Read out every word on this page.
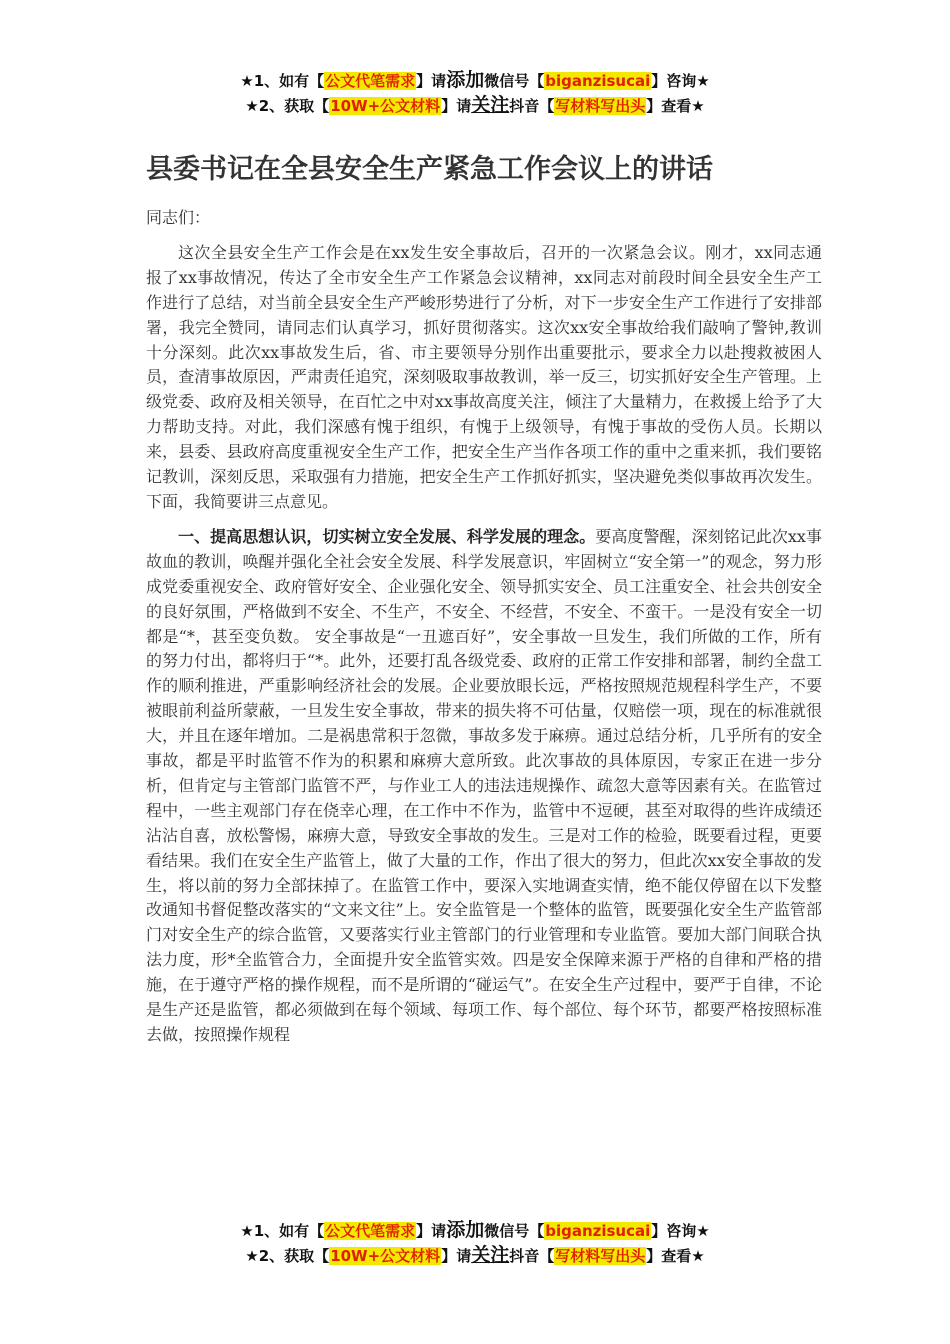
★1、如有【公文代笔需求】请添加微信号【biganzisucai】咨询★
★2、获取【10W+公文材料】请关注抖音【写材料写出头】查看★
县委书记在全县安全生产紧急工作会议上的讲话

同志们：

这次全县安全生产工作会是在xx发生安全事故后，召开的一次紧急会议。刚才，xx同志通报了xx事故情况，传达了全市安全生产工作紧急会议精神，xx同志对前段时间全县安全生产工作进行了总结，对当前全县安全生产严峻形势进行了分析，对下一步安全生产工作进行了安排部署，我完全赞同，请同志们认真学习，抓好贯彻落实。这次xx安全事故给我们敲响了警钟,教训十分深刻。此次xx事故发生后，省、市主要领导分别作出重要批示，要求全力以赴搜救被困人员，查清事故原因，严肃责任追究，深刻吸取事故教训，举一反三，切实抓好安全生产管理。上级党委、政府及相关领导，在百忙之中对xx事故高度关注，倾注了大量精力，在救援上给予了大力帮助支持。对此，我们深感有愧于组织，有愧于上级领导，有愧于事故的受伤人员。长期以来，县委、县政府高度重视安全生产工作，把安全生产当作各项工作的重中之重来抓，我们要铭记教训，深刻反思，采取强有力措施，把安全生产工作抓好抓实，坚决避免类似事故再次发生。下面，我简要讲三点意见。

一、提高思想认识，切实树立安全发展、科学发展的理念。要高度警醒，深刻铭记此次xx事故血的教训，唤醒并强化全社会安全发展、科学发展意识，牢固树立“安全第一”的观念，努力形成党委重视安全、政府管好安全、企业强化安全、领导抓实安全、员工注重安全、社会共创安全的良好氛围，严格做到不安全、不生产，不安全、不经营，不安全、不蛮干。一是没有安全一切都是“*，甚至变负数。 安全事故是“一丑遮百好”，安全事故一旦发生，我们所做的工作，所有的努力付出，都将归于“*。此外，还要打乱各级党委、政府的正常工作安排和部署，制约全盘工作的顺利推进，严重影响经济社会的发展。企业要放眼长远，严格按照规范规程科学生产，不要被眼前利益所蒙蔽，一旦发生安全事故，带来的损失将不可估量，仅赔偿一项，现在的标准就很大，并且在逐年增加。二是祸患常积于忽微，事故多发于麻痹。通过总结分析，几乎所有的安全事故，都是平时监管不作为的积累和麻痹大意所致。此次事故的具体原因，专家正在进一步分析，但肯定与主管部门监管不严，与作业工人的违法违规操作、疏忽大意等因素有关。在监管过程中，一些主观部门存在侥幸心理，在工作中不作为，监管中不逗硬，甚至对取得的些许成绩还沾沾自喜，放松警惕，麻痹大意，导致安全事故的发生。三是对工作的检验，既要看过程，更要看结果。我们在安全生产监管上，做了大量的工作，作出了很大的努力，但此次xx安全事故的发生，将以前的努力全部抹掉了。在监管工作中，要深入实地调查实情，绝不能仅停留在以下发整改通知书督促整改落实的“文来文往”上。安全监管是一个整体的监管，既要强化安全生产监管部门对安全生产的综合监管，又要落实行业主管部门的行业管理和专业监管。要加大部门间联合执法力度，形*全监管合力，全面提升安全监管实效。四是安全保障来源于严格的自律和严格的措施，在于遵守严格的操作规程，而不是所谓的“碰运气”。在安全生产过程中，要严于自律，不论是生产还是监管，都必须做到在每个领域、每项工作、每个部位、每个环节，都要严格按照标准去做，按照操作规程

★1、如有【公文代笔需求】请添加微信号【biganzisucai】咨询★
★2、获取【10W+公文材料】请关注抖音【写材料写出头】查看★
